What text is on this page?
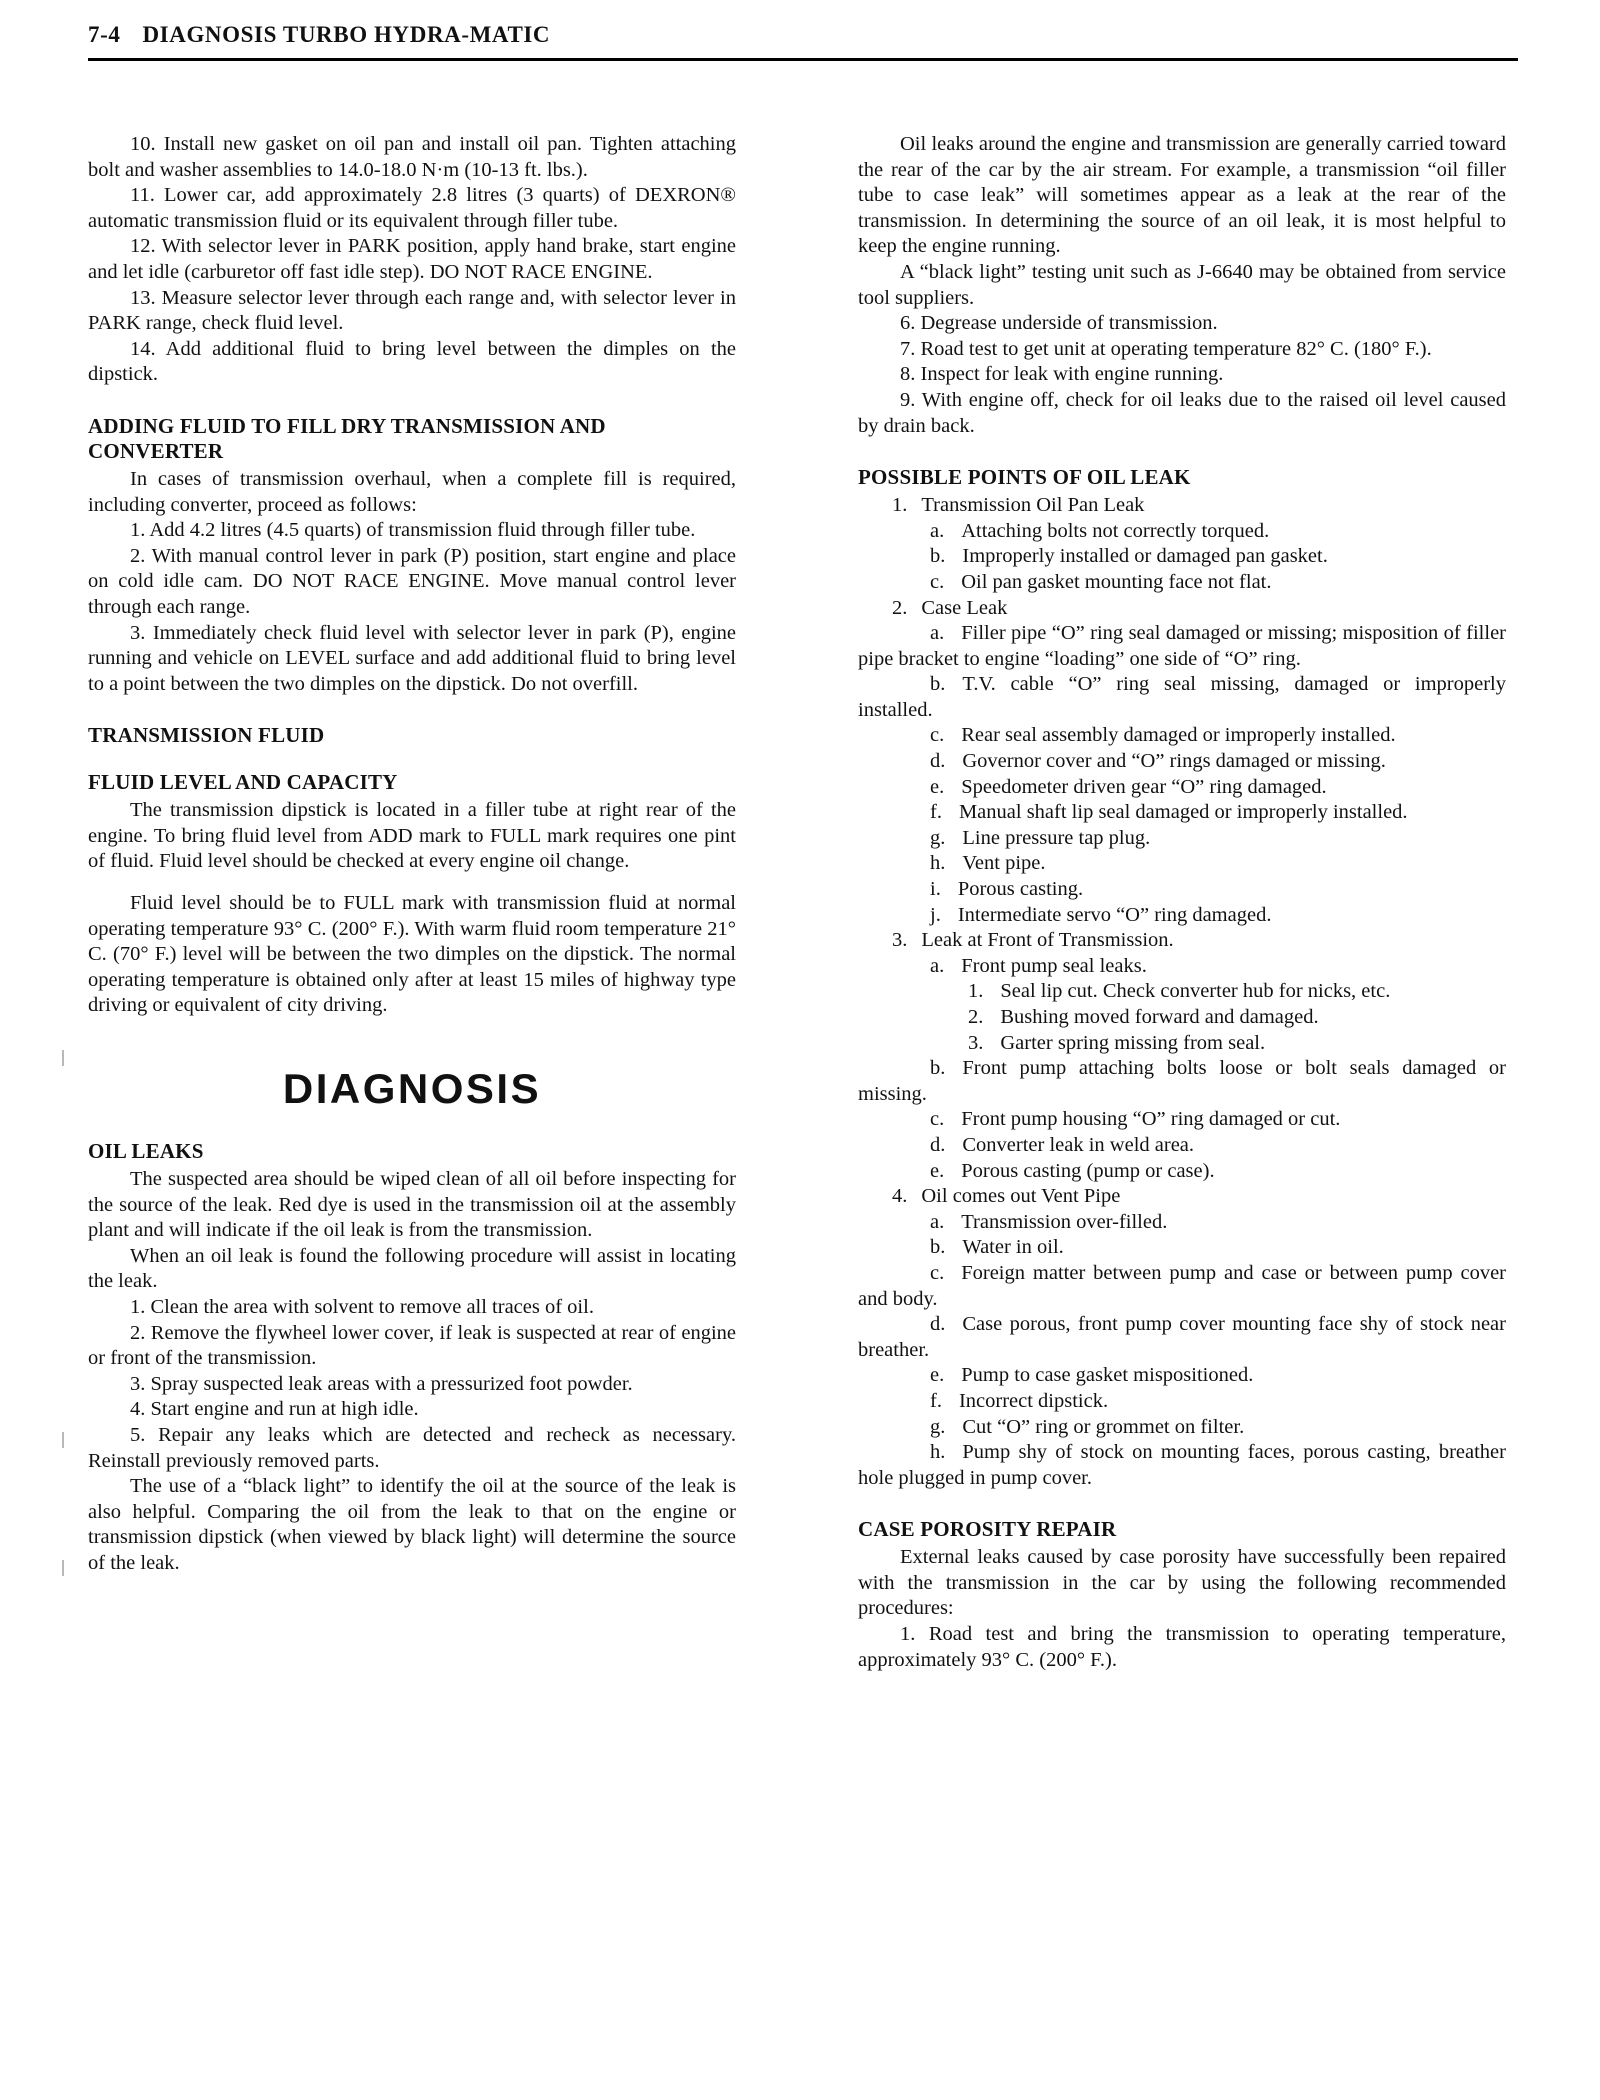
7-4 DIAGNOSIS TURBO HYDRA-MATIC

10. Install new gasket on oil pan and install oil pan. Tighten attaching bolt and washer assemblies to 14.0-18.0 N·m (10-13 ft. lbs.).

11. Lower car, add approximately 2.8 litres (3 quarts) of DEXRON® automatic transmission fluid or its equivalent through filler tube.

12. With selector lever in PARK position, apply hand brake, start engine and let idle (carburetor off fast idle step). DO NOT RACE ENGINE.

13. Measure selector lever through each range and, with selector lever in PARK range, check fluid level.

14. Add additional fluid to bring level between the dimples on the dipstick.

ADDING FLUID TO FILL DRY TRANSMISSION AND CONVERTER

In cases of transmission overhaul, when a complete fill is required, including converter, proceed as follows:

1. Add 4.2 litres (4.5 quarts) of transmission fluid through filler tube.

2. With manual control lever in park (P) position, start engine and place on cold idle cam. DO NOT RACE ENGINE. Move manual control lever through each range.

3. Immediately check fluid level with selector lever in park (P), engine running and vehicle on LEVEL surface and add additional fluid to bring level to a point between the two dimples on the dipstick. Do not overfill.

TRANSMISSION FLUID
FLUID LEVEL AND CAPACITY

The transmission dipstick is located in a filler tube at right rear of the engine. To bring fluid level from ADD mark to FULL mark requires one pint of fluid. Fluid level should be checked at every engine oil change.

Fluid level should be to FULL mark with transmission fluid at normal operating temperature 93° C. (200° F.). With warm fluid room temperature 21° C. (70° F.) level will be between the two dimples on the dipstick. The normal operating temperature is obtained only after at least 15 miles of highway type driving or equivalent of city driving.

DIAGNOSIS
OIL LEAKS

The suspected area should be wiped clean of all oil before inspecting for the source of the leak. Red dye is used in the transmission oil at the assembly plant and will indicate if the oil leak is from the transmission.

When an oil leak is found the following procedure will assist in locating the leak.

1. Clean the area with solvent to remove all traces of oil.

2. Remove the flywheel lower cover, if leak is suspected at rear of engine or front of the transmission.

3. Spray suspected leak areas with a pressurized foot powder.

4. Start engine and run at high idle.

5. Repair any leaks which are detected and recheck as necessary. Reinstall previously removed parts.

The use of a “black light” to identify the oil at the source of the leak is also helpful. Comparing the oil from the leak to that on the engine or transmission dipstick (when viewed by black light) will determine the source of the leak.

Oil leaks around the engine and transmission are generally carried toward the rear of the car by the air stream. For example, a transmission “oil filler tube to case leak” will sometimes appear as a leak at the rear of the transmission. In determining the source of an oil leak, it is most helpful to keep the engine running.

A “black light” testing unit such as J-6640 may be obtained from service tool suppliers.

6. Degrease underside of transmission.

7. Road test to get unit at operating temperature 82° C. (180° F.).

8. Inspect for leak with engine running.

9. With engine off, check for oil leaks due to the raised oil level caused by drain back.

POSSIBLE POINTS OF OIL LEAK

1. Transmission Oil Pan Leak

a. Attaching bolts not correctly torqued.

b. Improperly installed or damaged pan gasket.

c. Oil pan gasket mounting face not flat.

2. Case Leak

a. Filler pipe “O” ring seal damaged or missing; misposition of filler pipe bracket to engine “loading” one side of “O” ring.

b. T.V. cable “O” ring seal missing, damaged or improperly installed.

c. Rear seal assembly damaged or improperly installed.

d. Governor cover and “O” rings damaged or missing.

e. Speedometer driven gear “O” ring damaged.

f. Manual shaft lip seal damaged or improperly installed.

g. Line pressure tap plug.

h. Vent pipe.

i. Porous casting.

j. Intermediate servo “O” ring damaged.

3. Leak at Front of Transmission.

a. Front pump seal leaks.

1. Seal lip cut. Check converter hub for nicks, etc.

2. Bushing moved forward and damaged.

3. Garter spring missing from seal.

b. Front pump attaching bolts loose or bolt seals damaged or missing.

c. Front pump housing “O” ring damaged or cut.

d. Converter leak in weld area.

e. Porous casting (pump or case).

4. Oil comes out Vent Pipe

a. Transmission over-filled.

b. Water in oil.

c. Foreign matter between pump and case or between pump cover and body.

d. Case porous, front pump cover mounting face shy of stock near breather.

e. Pump to case gasket mispositioned.

f. Incorrect dipstick.

g. Cut “O” ring or grommet on filter.

h. Pump shy of stock on mounting faces, porous casting, breather hole plugged in pump cover.

CASE POROSITY REPAIR

External leaks caused by case porosity have successfully been repaired with the transmission in the car by using the following recommended procedures:

1. Road test and bring the transmission to operating temperature, approximately 93° C. (200° F.).
